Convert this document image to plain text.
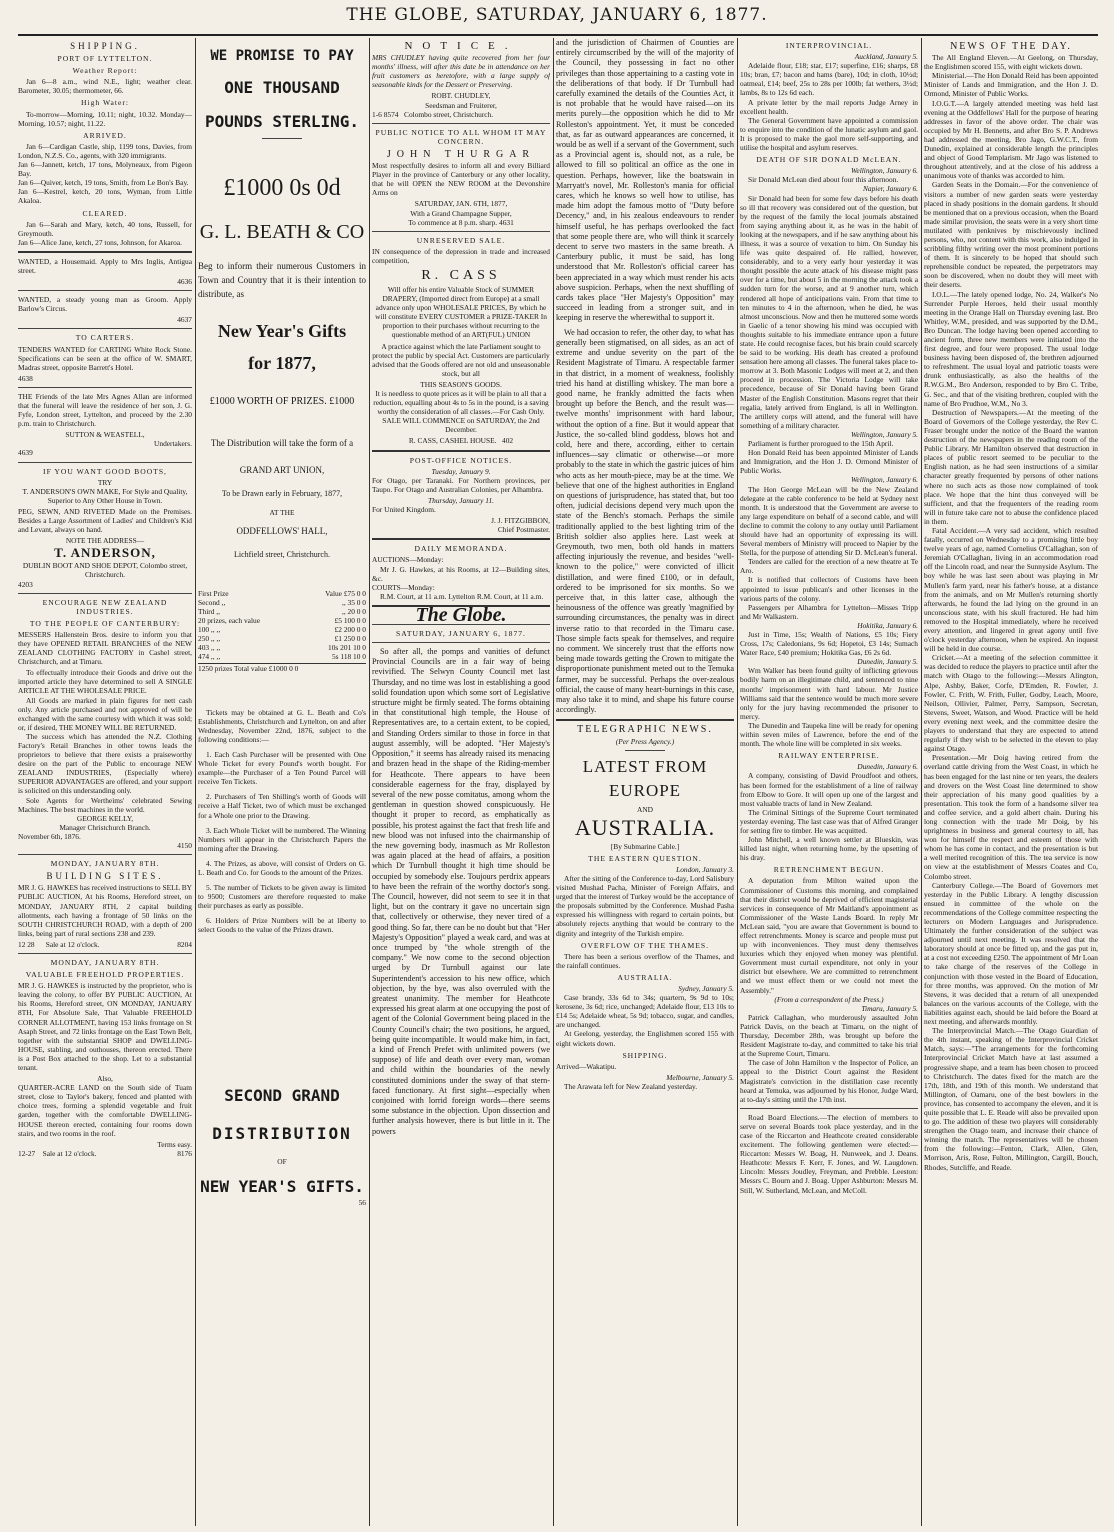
THE GLOBE, SATURDAY, JANUARY 6, 1877.
SHIPPING.
PORT OF LYTTELTON.
Weather Report:

Jan 6—8 a.m., wind N.E., light; weather clear. Barometer, 30.05; thermometer, 66.

High Water:

To-morrow—Morning, 10.11; night, 10.32. Monday—Morning, 10.57; night, 11.22.

ARRIVED.

Jan 6—Cardigan Castle, ship, 1199 tons, Davies, from London, N.Z.S. Co., agents, with 320 immigrants.
Jan 6—Jannett, ketch, 17 tons, Molyneaux, from Pigeon Bay.
Jan 6—Quiver, ketch, 19 tons, Smith, from Le Bon's Bay.
Jan 6—Kestrel, ketch, 20 tons, Wyman, from Little Akaloa.

CLEARED.

Jan 6—Sarah and Mary, ketch, 40 tons, Russell, for Greymouth.
Jan 6—Alice Jane, ketch, 27 tons, Johnson, for Akaroa.

WANTED, a Housemaid. Apply to Mrs Inglis, Antigua street.

4636

WANTED, a steady young man as Groom. Apply Barlow's Circus.

4637
TO CARTERS.

TENDERS WANTED for CARTING White Rock Stone. Specifications can be seen at the office of W. SMART, Madras street, opposite Barrett's Hotel.

4638

THE Friends of the late Mrs Agnes Allan are informed that the funeral will leave the residence of her son, J. G. Fyfe, London street, Lyttelton, and proceed by the 2.30 p.m. train to Christchurch.

SUTTON & WEASTELL,
Undertakers.
4639
IF YOU WANT GOOD BOOTS,
TRY

T. ANDERSON'S OWN MAKE, For Style and Quality, Superior to Any Other House in Town.

PEG, SEWN, AND RIVETED Made on the Premises. Besides a Large Assortment of Ladies' and Children's Kid and Levant, always on hand.

NOTE THE ADDRESS—
T. ANDERSON,
DUBLIN BOOT AND SHOE DEPOT, Colombo street, Christchurch.
4203
ENCOURAGE NEW ZEALAND INDUSTRIES.
TO THE PEOPLE OF CANTERBURY:

MESSERS Hallenstein Bros. desire to inform you that they have OPENED RETAIL BRANCHES of the NEW ZEALAND CLOTHING FACTORY in Cashel street, Christchurch, and at Timaru.

To effectually introduce their Goods and drive out the imported article they have determined to sell A SINGLE ARTICLE AT THE WHOLESALE PRICE.

All Goods are marked in plain figures for nett cash only. Any article purchased and not approved of will be exchanged with the same courtesy with which it was sold; or, if desired, THE MONEY WILL BE RETURNED.

The success which has attended the N.Z. Clothing Factory's Retail Branches in other towns leads the proprietors to believe that there exists a praiseworthy desire on the part of the Public to encourage NEW ZEALAND INDUSTRIES, (Especially where) SUPERIOR ADVANTAGES are offered, and your support is solicited on this understanding only.

Sole Agents for Wertheims' celebrated Sewing Machines. The best machines in the world.

GEORGE KELLY,
Manager Christchurch Branch.
November 6th, 1876.
4150
MONDAY, JANUARY 8TH.
BUILDING SITES.

MR J. G. HAWKES has received instructions to SELL BY PUBLIC AUCTION, At his Rooms, Hereford street, on MONDAY, JANUARY 8TH, 2 capital building allotments, each having a frontage of 50 links on the SOUTH CHRISTCHURCH ROAD, with a depth of 200 links, being part of rural sections 238 and 239.

12 28 Sale at 12 o'clock.	8204
MONDAY, JANUARY 8TH.
VALUABLE FREEHOLD PROPERTIES.

MR J. G. HAWKES is instructed by the proprietor, who is leaving the colony, to offer BY PUBLIC AUCTION, At his Rooms, Hereford street, ON MONDAY, JANUARY 8TH, For Absolute Sale, That Valuable FREEHOLD CORNER ALLOTMENT, having 153 links frontage on St Asaph Street, and 72 links frontage on the East Town Belt, together with the substantial SHOP and DWELLING-HOUSE, stabling, and outhouses, thereon erected. There is a Post Box attached to the shop. Let to a substantial tenant.

Also,

QUARTER-ACRE LAND on the South side of Tuam street, close to Taylor's bakery, fenced and planted with choice trees, forming a splendid vegetable and fruit garden, together with the comfortable DWELLING-HOUSE thereon erected, containing four rooms down stairs, and two rooms in the roof.

Terms easy.
12-27 Sale at 12 o'clock.	8176
WE PROMISE TO PAY
ONE THOUSAND
POUNDS STERLING.
£1000 0s 0d
G. L. BEATH & CO

Beg to inform their numerous Customers in Town and Country that it is their intention to distribute, as

New Year's Gifts
for 1877,
£1000 WORTH OF PRIZES. £1000
The Distribution will take the form of a
GRAND ART UNION,
To be Drawn early in February, 1877,
AT THE
ODDFELLOWS' HALL,
Lichfield street, Christchurch.
First Prize	Value £75 0 0
Second ,,	,, 35 0 0
Third ,,	,, 20 0 0
20 prizes, each value	£5 100 0 0
100 ,, ,,	£2 200 0 0
250 ,, ,,	£1 250 0 0
403 ,, ,,	10s 201 10 0
474 ,, ,,	5s 118 10 0
1250 prizes Total value £1000 0 0

Tickets may be obtained at G. L. Beath and Co's Establishments, Christchurch and Lyttelton, on and after Wednesday, November 22nd, 1876, subject to the following conditions:—

1. Each Cash Purchaser will be presented with One Whole Ticket for every Pound's worth bought. For example—the Purchaser of a Ten Pound Parcel will receive Ten Tickets.

2. Purchasers of Ten Shilling's worth of Goods will receive a Half Ticket, two of which must be exchanged for a Whole one prior to the Drawing.

3. Each Whole Ticket will be numbered. The Winning Numbers will appear in the Christchurch Papers the morning after the Drawing.

4. The Prizes, as above, will consist of Orders on G. L. Beath and Co. for Goods to the amount of the Prizes.

5. The number of Tickets to be given away is limited to 9500; Customers are therefore requested to make their purchases as early as possible.

6. Holders of Prize Numbers will be at liberty to select Goods to the value of the Prizes drawn.

SECOND GRAND
DISTRIBUTION
OF
NEW YEAR'S GIFTS.
56
NOTICE.

MRS CHUDLEY having quite recovered from her four months' illness, will after this date be in attendance on her fruit customers as heretofore, with a large supply of seasonable kinds for the Dessert or Preserving.

ROBT. CHUDLEY,
Seedsman and Fruiterer,
1-6 8574 Colombo street, Christchurch.
PUBLIC NOTICE TO ALL WHOM IT MAY CONCERN.
JOHN THURGAR

Most respectfully desires to inform all and every Billiard Player in the province of Canterbury or any other locality, that he will OPEN the NEW ROOM at the Devonshire Arms on

SATURDAY, JAN. 6TH, 1877,
With a Grand Champagne Supper,
To commence at 8 p.m. sharp. 4631
UNRESERVED SALE.

IN consequence of the depression in trade and increased competition,

R. CASS

Will offer his entire Valuable Stock of SUMMER DRAPERY, (Imported direct from Europe) at a small advance only upon WHOLESALE PRICES, By which he will constitute EVERY CUSTOMER a PRIZE-TAKER In proportion to their purchases without recurring to the questionable method of an ART(FUL) UNION

A practice against which the late Parliament sought to protect the public by special Act. Customers are particularly advised that the Goods offered are not old and unseasonable stock, but all

THIS SEASON'S GOODS.

It is needless to quote prices as it will be plain to all that a reduction, equalling about 4s to 5s in the pound, is a saving worthy the consideration of all classes.—For Cash Only. SALE WILL COMMENCE on SATURDAY, the 2nd December.

R. CASS, CASHEL HOUSE. 402
POST-OFFICE NOTICES.
Tuesday, January 9.

For Otago, per Taranaki. For Northern provinces, per Taupo. For Otago and Australian Colonies, per Alhambra.

Thursday, January 11.

For United Kingdom.

J. J. FITZGIBBON,
Chief Postmaster.
DAILY MEMORANDA.
AUCTIONS—Monday:

Mr J. G. Hawkes, at his Rooms, at 12—Building sites, &c.

COURTS—Monday:

R.M. Court, at 11 a.m. Lyttelton R.M. Court, at 11 a.m.

The Globe.
SATURDAY, JANUARY 6, 1877.

So after all, the pomps and vanities of defunct Provincial Councils are in a fair way of being revivified. The Selwyn County Council met last Thursday, and no time was lost in establishing a good solid foundation upon which some sort of Legislative structure might be firmly seated. The forms obtaining in that constitutional high temple, the House of Representatives are, to a certain extent, to be copied, and Standing Orders similar to those in force in that august assembly, will be adopted. "Her Majesty's Opposition," it seems has already raised its menacing and brazen head in the shape of the Riding-member for Heathcote. There appears to have been considerable eagerness for the fray, displayed by several of the new posse comitatus, among whom the gentleman in question showed conspicuously. He thought it proper to record, as emphatically as possible, his protest against the fact that fresh life and new blood was not infused into the chairmanship of the new governing body, inasmuch as Mr Rolleston was again placed at the head of affairs, a position which Dr Turnbull thought it high time should be occupied by somebody else. Toujours perdrix appears to have been the refrain of the worthy doctor's song. The Council, however, did not seem to see it in that light, but on the contrary it gave no uncertain sign that, collectively or otherwise, they never tired of a good thing. So far, there can be no doubt but that "Her Majesty's Opposition" played a weak card, and was at once trumped by "the whole strength of the company." We now come to the second objection urged by Dr Turnbull against our late Superintendent's accession to his new office, which objection, by the bye, was also overruled with the greatest unanimity. The member for Heathcote expressed his great alarm at one occupying the post of agent of the Colonial Government being placed in the County Council's chair; the two positions, he argued, being quite incompatible. It would make him, in fact, a kind of French Prefet with unlimited powers (we suppose) of life and death over every man, woman and child within the boundaries of the newly constituted dominions under the sway of that stern-faced functionary. At first sight—especially when conjoined with lorrid foreign words—there seems some substance in the objection. Upon dissection and further analysis however, there is but little in it. The powers

and the jurisdiction of Chairmen of Counties are entirely circumscribed by the will of the majority of the Council, they possessing in fact no other privileges than those appertaining to a casting vote in the deliberations of that body. If Dr Turnbull had carefully examined the details of the Counties Act, it is not probable that he would have raised—on its merits purely—the opposition which he did to Mr Rolleston's appointment. Yet, it must be conceded that, as far as outward appearances are concerned, it would be as well if a servant of the Government, such as a Provincial agent is, should not, as a rule, be allowed to fill so political an office as the one in question. Perhaps, however, like the boatswain in Marryatt's novel, Mr. Rolleston's mania for official cares, which he knows so well how to utilise, has made him adopt the famous motto of "Duty before Decency," and, in his zealous endeavours to render himself useful, he has perhaps overlooked the fact that some people there are, who will think it scarcely decent to serve two masters in the same breath. A Canterbury public, it must be said, has long understood that Mr. Rolleston's official career has been appreciated in a way which must render his acts above suspicion. Perhaps, when the next shuffling of cards takes place "Her Majesty's Opposition" may succeed in leading from a stronger suit, and in keeping in reserve the wherewithal to support it.

We had occasion to refer, the other day, to what has generally been stigmatised, on all sides, as an act of extreme and undue severity on the part of the Resident Magistrate of Timaru. A respectable farmer in that district, in a moment of weakness, foolishly tried his hand at distilling whiskey. The man bore a good name, he frankly admitted the facts when brought up before the Bench, and the result was—twelve months' imprisonment with hard labour, without the option of a fine. But it would appear that Justice, the so-called blind goddess, blows hot and cold, here and there, according, either to certain influences—say climatic or otherwise—or more probably to the state in which the gastric juices of him who acts as her mouth-piece, may be at the time. We believe that one of the highest authorities in England on questions of jurisprudence, has stated that, but too often, judicial decisions depend very much upon the state of the Bench's stomach. Perhaps the simile traditionally applied to the best lighting trim of the British soldier also applies here. Last week at Greymouth, two men, both old hands in matters affecting injuriously the revenue, and besides "well-known to the police," were convicted of illicit distillation, and were fined £100, or in default, ordered to be imprisoned for six months. So we perceive that, in this latter case, although the heinousness of the offence was greatly 'magnified by surrounding circumstances, the penalty was in direct inverse ratio to that recorded in the Timaru case. Those simple facts speak for themselves, and require no comment. We sincerely trust that the efforts now being made towards getting the Crown to mitigate the disproportionate punishment meted out to the Temuka farmer, may be successful. Perhaps the over-zealous official, the cause of many heart-burnings in this case, may also take it to mind, and shape his future course accordingly.

TELEGRAPHIC NEWS.
(Per Press Agency.)
LATEST FROM EUROPE
AND
AUSTRALIA.
[By Submarine Cable.]
THE EASTERN QUESTION.
London, January 3.

After the sitting of the Conference to-day, Lord Salisbury visited Mushad Pacha, Minister of Foreign Affairs, and urged that the interest of Turkey would be the acceptance of the proposals submitted by the Conference. Mushad Pasha expressed his willingness with regard to certain points, but absolutely rejects anything that would be contrary to the dignity and integrity of the Turkish empire.

OVERFLOW OF THE THAMES.

There has been a serious overflow of the Thames, and the rainfall continues.

AUSTRALIA.
Sydney, January 5.

Case brandy, 33s 6d to 34s; quartern, 9s 9d to 10s; kerosene, 3s 6d; rice, unchanged; Adelaide flour, £13 10s to £14 5s; Adelaide wheat, 5s 9d; tobacco, sugar, and candles, are unchanged.

At Geelong, yesterday, the Englishmen scored 155 with eight wickets down.

SHIPPING.

Arrived—Wakatipu.

Melbourne, January 5.

The Arawata left for New Zealand yesterday.

INTERPROVINCIAL.
Auckland, January 5.

Adelaide flour, £18; star, £17; superfine, £16; sharps, £8 10s; bran, £7; bacon and hams (bare), 10d; in cloth, 10½d; oatmeal, £14; beef, 25s to 28s per 100lb; fat wethers, 3½d; lambs, 8s to 12s 6d each.

A private letter by the mail reports Judge Arney in excellent health.

The General Government have appointed a commission to enquire into the condition of the lunatic asylum and gaol. It is proposed to make the gaol more self-supporting, and utilise the hospital and asylum reserves.

DEATH OF SIR DONALD McLEAN.
Wellington, January 6.

Sir Donald McLean died about four this afternoon.

Napier, January 6.

Sir Donald had been for some few days before his death so ill that recovery was considered out of the question, but by the request of the family the local journals abstained from saying anything about it, as he was in the habit of looking at the newspapers, and if he saw anything about his illness, it was a source of vexation to him. On Sunday his life was quite despaired of. He rallied, however, considerably, and to a very early hour yesterday it was thought possible the acute attack of his disease might pass over for a time, but about 5 in the morning the attack took a sudden turn for the worse, and at 9 another turn, which rendered all hope of anticipations vain. From that time to ten minutes to 4 in the afternoon, when he died, he was almost unconscious. Now and then he muttered some words in Gaelic of a tenor showing his mind was occupied with thoughts suitable to his immediate entrance upon a future state. He could recognise faces, but his brain could scarcely be said to be working. His death has created a profound sensation here among all classes. The funeral takes place to-morrow at 3. Both Masonic Lodges will meet at 2, and then proceed in procession. The Victoria Lodge will take precedence, because of Sir Donald having been Grand Master of the English Constitution. Masons regret that their regalia, lately arrived from England, is all in Wellington. The artillery corps will attend, and the funeral will have something of a military character.

Wellington, January 5.

Parliament is further prorogued to the 15th April.

Hon Donald Reid has been appointed Minister of Lands and Immigration, and the Hon J. D. Ormond Minister of Public Works.

Wellington, January 6.

The Hon George McLean will be the New Zealand delegate at the cable conference to be held at Sydney next month. It is understood that the Government are averse to any large expenditure on behalf of a second cable, and will decline to commit the colony to any outlay until Parliament should have had an opportunity of expressing its will. Several members of Ministry will proceed to Napier by the Stella, for the purpose of attending Sir D. McLean's funeral.

Tenders are called for the erection of a new theatre at Te Aro.

It is notified that collectors of Customs have been appointed to issue publican's and other licenses in the various parts of the colony.

Passengers per Alhambra for Lyttelton—Misses Tripp and Mr Walkastern.

Hokitika, January 6.

Just in Time, 15s; Wealth of Nations, £5 10s; Fiery Cross, 17s; Caledonians, 9s 6d; Hopetoi, £3 14s; Sumach Water Race, £40 premium; Hokitika Gas, £6 2s 6d.

Dunedin, January 5.

Wm Walker has been found guilty of inflicting grievous bodily harm on an illegitimate child, and sentenced to nine months' imprisonment with hard labour. Mr Justice Williams said that the sentence would be much more severe only for the jury having recommended the prisoner to mercy.

The Dunedin and Taupeka line will be ready for opening within seven miles of Lawrence, before the end of the month. The whole line will be completed in six weeks.

RAILWAY ENTERPRISE.
Dunedin, January 6.

A company, consisting of David Proudfoot and others, has been formed for the establishment of a line of railway from Elbow to Gore. It will open up one of the largest and most valuable tracts of land in New Zealand.

The Criminal Sittings of the Supreme Court terminated yesterday evening. The last case was that of Alfred Granger for setting fire to timber. He was acquitted.

John Mitchell, a well known settler at Blueskin, was killed last night, when returning home, by the upsetting of his dray.

RETRENCHMENT BEGUN.

A deputation from Milton waited upon the Commissioner of Customs this morning, and complained that their district would be deprived of efficient magisterial services in consequence of Mr Maitland's appointment as Commissioner of the Waste Lands Board. In reply Mr McLean said, "you are aware that Government is bound to effect retrenchments. Money is scarce and people must put up with inconveniences. They must deny themselves luxuries which they enjoyed when money was plentiful. Government must curtail expenditure, not only in your district but elsewhere. We are committed to retrenchment and we must effect them or we could not meet the Assembly."

(From a correspondent of the Press.)
Timaru, January 5.

Patrick Callaghan, who murderously assaulted John Patrick Davis, on the beach at Timaru, on the night of Thursday, December 28th, was brought up before the Resident Magistrate to-day, and committed to take his trial at the Supreme Court, Timaru.

The case of John Hamilton v the Inspector of Police, an appeal to the District Court against the Resident Magistrate's conviction in the distillation case recently heard at Temuka, was adjourned by his Honor, Judge Ward, at to-day's sitting until the 17th inst.

Road Board Elections.—The election of members to serve on several Boards took place yesterday, and in the case of the Riccarton and Heathcote created considerable excitement. The following gentlemen were elected:—Riccarton: Messrs W. Boag, H. Nunweek, and J. Deans. Heathcote: Messrs F. Kerr, F. Jones, and W. Laugdown. Lincoln: Messrs Joudley, Freyman, and Prebble. Leeston: Messrs C. Bourn and J. Boag. Upper Ashburton: Messrs M. Still, W. Sutherland, McLean, and McColl.

NEWS OF THE DAY.

The All England Eleven.—At Geelong, on Thursday, the Englishmen scored 155, with eight wickets down.

Ministerial.—The Hon Donald Reid has been appointed Minister of Lands and Immigration, and the Hon J. D. Ormond, Minister of Public Works.

I.O.G.T.—A largely attended meeting was held last evening at the Oddfellows' Hall for the purpose of hearing addresses in favor of the above order. The chair was occupied by Mr H. Bennetts, and after Bro S. P. Andrews had addressed the meeting, Bro Jago, G.W.C.T., from Dunedin, explained at considerable length the principles and object of Good Templarism. Mr Jago was listened to throughout attentively, and at the close of his address a unanimous vote of thanks was accorded to him.

Garden Seats in the Domain.—For the convenience of visitors a number of new garden seats were yesterday placed in shady positions in the domain gardens. It should be mentioned that on a previous occasion, when the Board made similar provision, the seats were in a very short time mutilated with penknives by mischievously inclined persons, who, not content with this work, also indulged in scribbling filthy writing over the most prominent portions of them. It is sincerely to be hoped that should such reprehensible conduct be repeated, the perpetrators may soon be discovered, when no doubt they will meet with their deserts.

I.O.L.—The lately opened lodge, No. 24, Walker's No Surrender Purple Heroes, held their usual monthly meeting in the Orange Hall on Thursday evening last. Bro Whitley, W.M., presided, and was supported by the D.M., Bro Duncan. The lodge having been opened according to ancient form, three new members were initiated into the first degree, and four were proposed. The usual lodge business having been disposed of, the brethren adjourned to refreshment. The usual loyal and patriotic toasts were drunk enthusiastically, as also the healths of the R.W.G.M., Bro Anderson, responded to by Bro C. Tribe, G. Sec., and that of the visiting brethren, coupled with the name of Bro Prudhoe, W.M., No 3.

Destruction of Newspapers.—At the meeting of the Board of Governors of the College yesterday, the Rev C. Fraser brought under the notice of the Board the wanton destruction of the newspapers in the reading room of the Public Library. Mr Hamilton observed that destruction in places of public resort seemed to be peculiar to the English nation, as he had seen instructions of a similar character greatly frequented by persons of other nations where no such acts as those now complained of took place. We hope that the hint thus conveyed will be sufficient, and that the frequenters of the reading room will in future take care not to abuse the confidence placed in them.

Fatal Accident.—A very sad accident, which resulted fatally, occurred on Wednesday to a promising little boy twelve years of age, named Cornelius O'Callaghan, son of Jeremiah O'Callaghan, living in an accommodation road off the Lincoln road, and near the Sunnyside Asylum. The boy while he was last seen about was playing in Mr Mullen's farm yard, near his father's house, at a distance from the animals, and on Mr Mullen's returning shortly afterwards, he found the lad lying on the ground in an unconscious state, with his skull fractured. He had him removed to the Hospital immediately, where he received every attention, and lingered in great agony until five o'clock yesterday afternoon, when he expired. An inquest will be held in due course.

Cricket.—At a meeting of the selection committee it was decided to reduce the players to practice until after the match with Otago to the following:—Messrs Alington, Alpe, Ashby, Baker, Corfe, D'Emden, R. Fowler, J. Fowler, C. Frith, W. Frith, Fuller, Godby, Leach, Moore, Neilson, Ollivier, Palmer, Perry, Sampson, Secretan, Stevens, Sweet, Watson, and Wood. Practice will be held every evening next week, and the committee desire the players to understand that they are expected to attend regularly if they wish to be selected in the eleven to play against Otago.

Presentation.—Mr Doig having retired from the overland cattle driving from the West Coast, in which he has been engaged for the last nine or ten years, the dealers and drovers on the West Coast line determined to show their appreciation of his many good qualities by a presentation. This took the form of a handsome silver tea and coffee service, and a gold albert chain. During his long connection with the trade Mr Doig, by his uprightness in business and general courtesy to all, has won for himself the respect and esteem of those with whom he has come in contact, and the presentation is but a well merited recognition of this. The tea service is now on view at the establishment of Messrs Coates and Co, Colombo street.

Canterbury College.—The Board of Governors met yesterday in the Public Library. A lengthy discussion ensued in committee of the whole on the recommendations of the College committee respecting the lecturers on Modern Languages and Jurisprudence. Ultimately the further consideration of the subject was adjourned until next meeting. It was resolved that the laboratory should at once be fitted up, and the gas put in, at a cost not exceeding £250. The appointment of Mr Loan to take charge of the reserves of the College in conjunction with those vested in the Board of Education, for three months, was approved. On the motion of Mr Stevens, it was decided that a return of all unexpended balances on the various accounts of the College, with the liabilities against each, should be laid before the Board at next meeting, and afterwards monthly.

The Interprovincial Match.—The Otago Guardian of the 4th instant, speaking of the Interprovincial Cricket Match, says:—"The arrangements for the forthcoming Interprovincial Cricket Match have at last assumed a progressive shape, and a team has been chosen to proceed to Christchurch. The dates fixed for the match are the 17th, 18th, and 19th of this month. We understand that Millington, of Oamaru, one of the best bowlers in the province, has consented to accompany the eleven, and it is quite possible that L. E. Reade will also be prevailed upon to go. The addition of these two players will considerably strengthen the Otago team, and increase their chance of winning the match. The representatives will be chosen from the following:—Fenton, Clark, Allen, Glen, Morrison, Aris, Rose, Fulton, Millington, Cargill, Bouch, Rhodes, Sutcliffe, and Reade.
